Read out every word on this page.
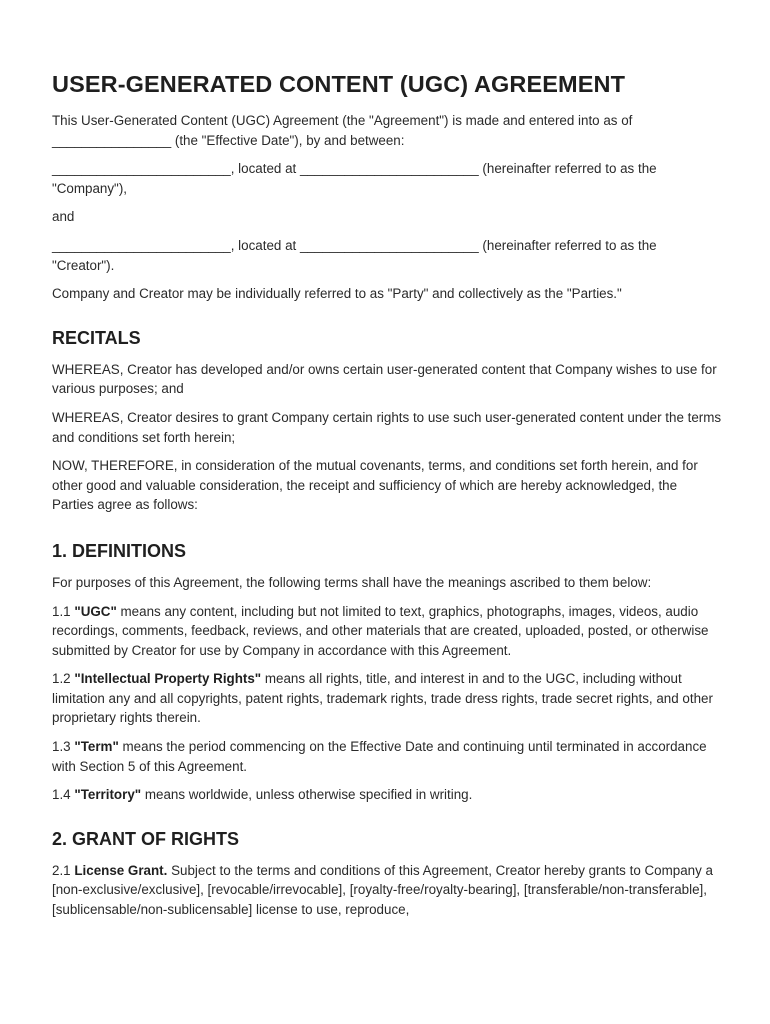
USER-GENERATED CONTENT (UGC) AGREEMENT

This User-Generated Content (UGC) Agreement (the "Agreement") is made and entered into as of ________________ (the "Effective Date"), by and between:

________________________, located at ________________________ (hereinafter referred to as the "Company"),

and

________________________, located at ________________________ (hereinafter referred to as the "Creator").

Company and Creator may be individually referred to as "Party" and collectively as the "Parties."

RECITALS

WHEREAS, Creator has developed and/or owns certain user-generated content that Company wishes to use for various purposes; and

WHEREAS, Creator desires to grant Company certain rights to use such user-generated content under the terms and conditions set forth herein;

NOW, THEREFORE, in consideration of the mutual covenants, terms, and conditions set forth herein, and for other good and valuable consideration, the receipt and sufficiency of which are hereby acknowledged, the Parties agree as follows:

1. DEFINITIONS

For purposes of this Agreement, the following terms shall have the meanings ascribed to them below:

1.1 "UGC" means any content, including but not limited to text, graphics, photographs, images, videos, audio recordings, comments, feedback, reviews, and other materials that are created, uploaded, posted, or otherwise submitted by Creator for use by Company in accordance with this Agreement.

1.2 "Intellectual Property Rights" means all rights, title, and interest in and to the UGC, including without limitation any and all copyrights, patent rights, trademark rights, trade dress rights, trade secret rights, and other proprietary rights therein.

1.3 "Term" means the period commencing on the Effective Date and continuing until terminated in accordance with Section 5 of this Agreement.

1.4 "Territory" means worldwide, unless otherwise specified in writing.

2. GRANT OF RIGHTS

2.1 License Grant. Subject to the terms and conditions of this Agreement, Creator hereby grants to Company a [non-exclusive/exclusive], [revocable/irrevocable], [royalty-free/royalty-bearing], [transferable/non-transferable], [sublicensable/non-sublicensable] license to use, reproduce,
